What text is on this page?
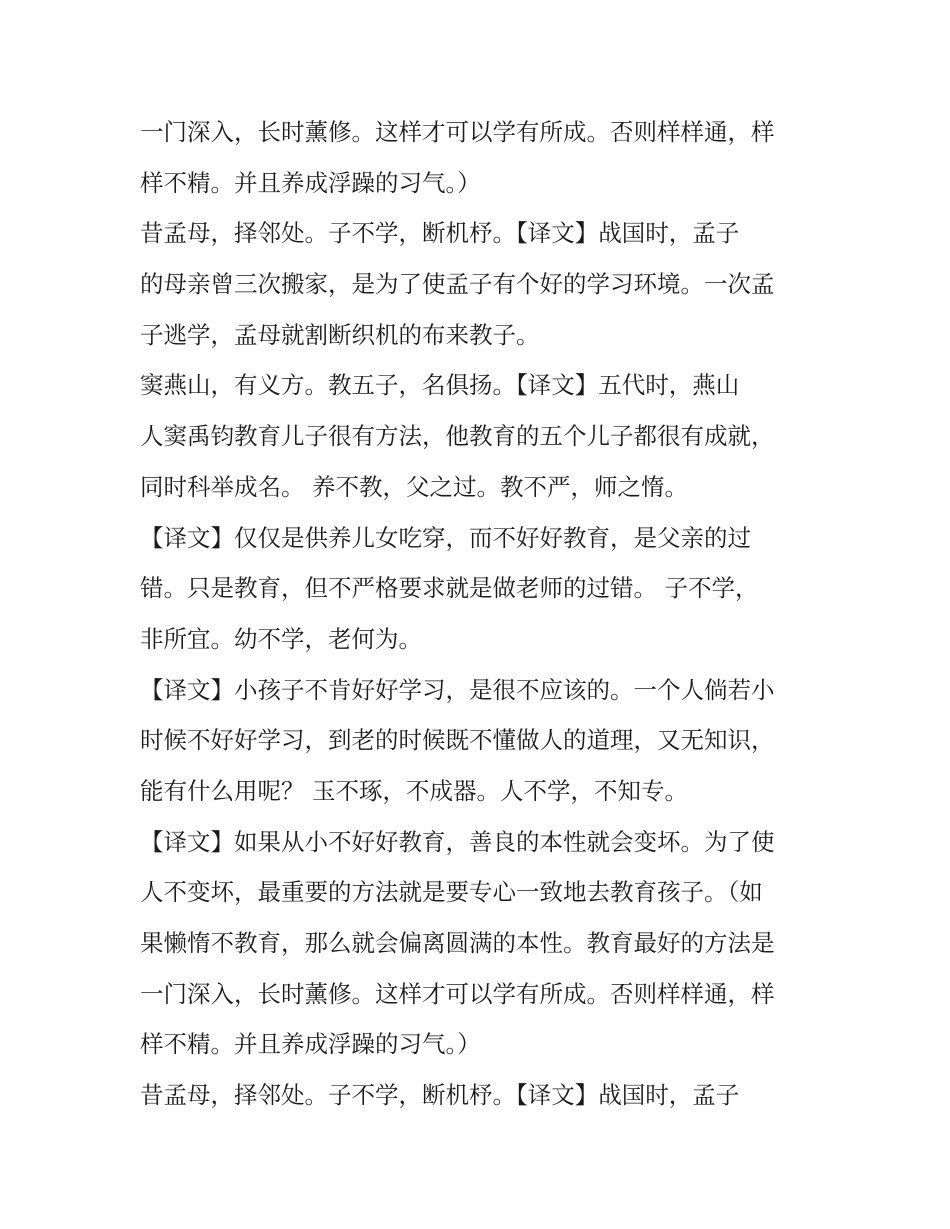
一门深入，长时薰修。这样才可以学有所成。否则样样通，样
样不精。并且养成浮躁的习气。）
昔孟母，择邻处。子不学，断机杼。【译文】战国时，孟子
的母亲曾三次搬家，是为了使孟子有个好的学习环境。一次孟
子逃学，孟母就割断织机的布来教子。
窦燕山，有义方。教五子，名俱扬。【译文】五代时，燕山
人窦禹钧教育儿子很有方法，他教育的五个儿子都很有成就，
同时科举成名。 养不教，父之过。教不严，师之惰。
【译文】仅仅是供养儿女吃穿，而不好好教育，是父亲的过
错。只是教育，但不严格要求就是做老师的过错。 子不学，
非所宜。幼不学，老何为。
【译文】小孩子不肯好好学习，是很不应该的。一个人倘若小
时候不好好学习，到老的时候既不懂做人的道理，又无知识，
能有什么用呢？ 玉不琢，不成器。人不学，不知专。
【译文】如果从小不好好教育，善良的本性就会变坏。为了使
人不变坏，最重要的方法就是要专心一致地去教育孩子。（如
果懒惰不教育，那么就会偏离圆满的本性。教育最好的方法是
一门深入，长时薰修。这样才可以学有所成。否则样样通，样
样不精。并且养成浮躁的习气。）
昔孟母，择邻处。子不学，断机杼。【译文】战国时，孟子
